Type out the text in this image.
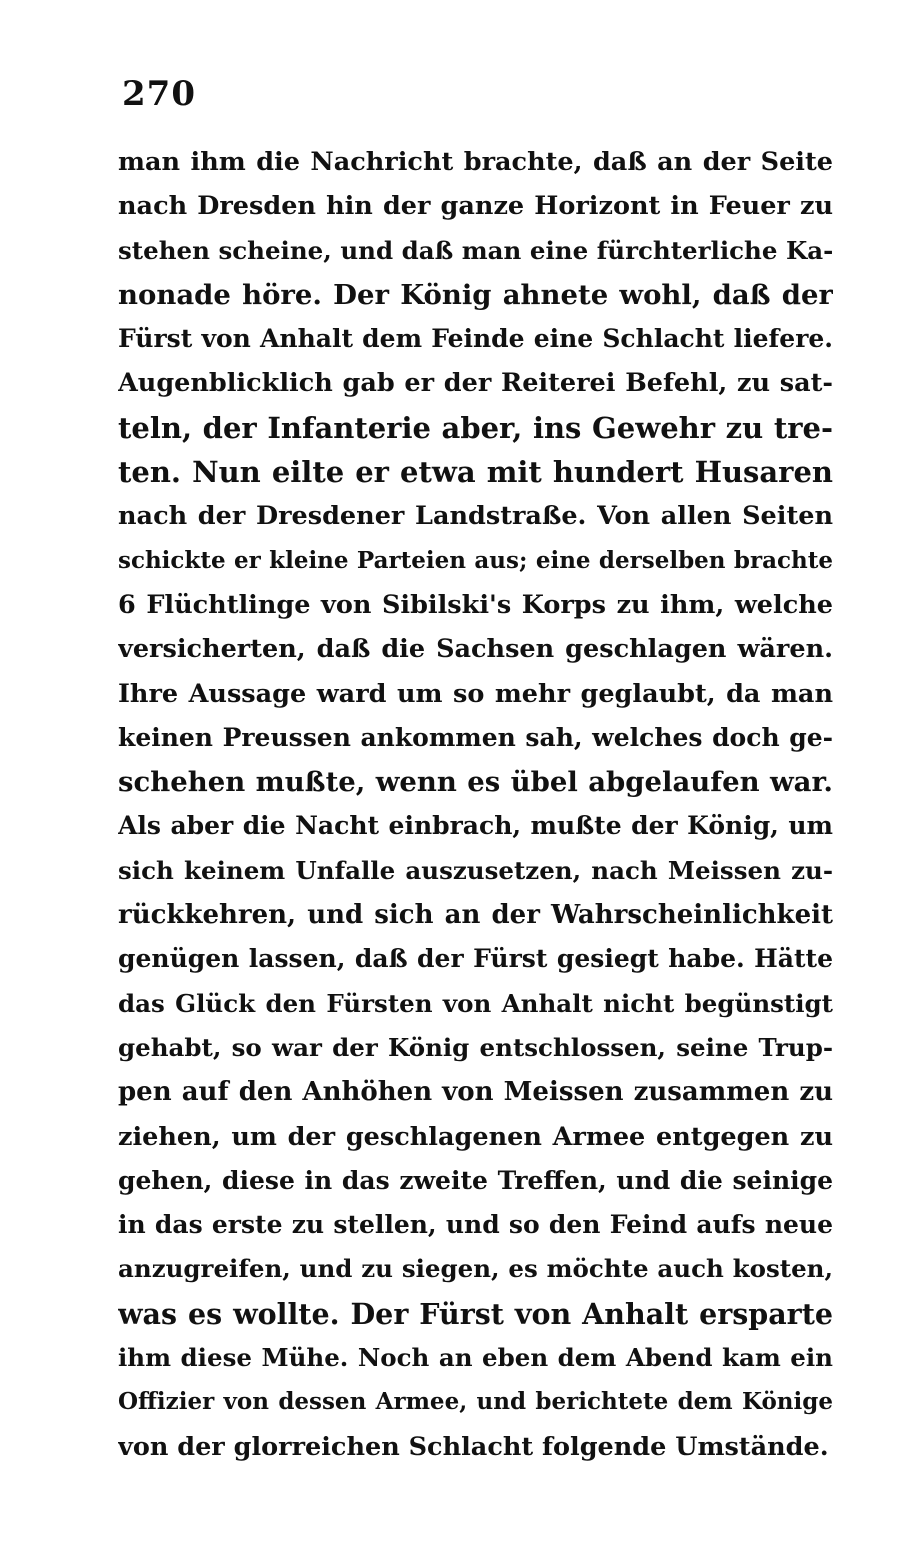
270
man ihm die Nachricht brachte, daß an der Seite
nach Dresden hin der ganze Horizont in Feuer zu
stehen scheine, und daß man eine fürchterliche Ka-
nonade höre. Der König ahnete wohl, daß der
Fürst von Anhalt dem Feinde eine Schlacht liefere.
Augenblicklich gab er der Reiterei Befehl, zu sat-
teln, der Infanterie aber, ins Gewehr zu tre-
ten. Nun eilte er etwa mit hundert Husaren
nach der Dresdener Landstraße. Von allen Seiten
schickte er kleine Parteien aus; eine derselben brachte
6 Flüchtlinge von Sibilski's Korps zu ihm, welche
versicherten, daß die Sachsen geschlagen wären.
Ihre Aussage ward um so mehr geglaubt, da man
keinen Preussen ankommen sah, welches doch ge-
schehen mußte, wenn es übel abgelaufen war.
Als aber die Nacht einbrach, mußte der König, um
sich keinem Unfalle auszusetzen, nach Meissen zu-
rückkehren, und sich an der Wahrscheinlichkeit
genügen lassen, daß der Fürst gesiegt habe. Hätte
das Glück den Fürsten von Anhalt nicht begünstigt
gehabt, so war der König entschlossen, seine Trup-
pen auf den Anhöhen von Meissen zusammen zu
ziehen, um der geschlagenen Armee entgegen zu
gehen, diese in das zweite Treffen, und die seinige
in das erste zu stellen, und so den Feind aufs neue
anzugreifen, und zu siegen, es möchte auch kosten,
was es wollte. Der Fürst von Anhalt ersparte
ihm diese Mühe. Noch an eben dem Abend kam ein
Offizier von dessen Armee, und berichtete dem Könige
von der glorreichen Schlacht folgende Umstände.
